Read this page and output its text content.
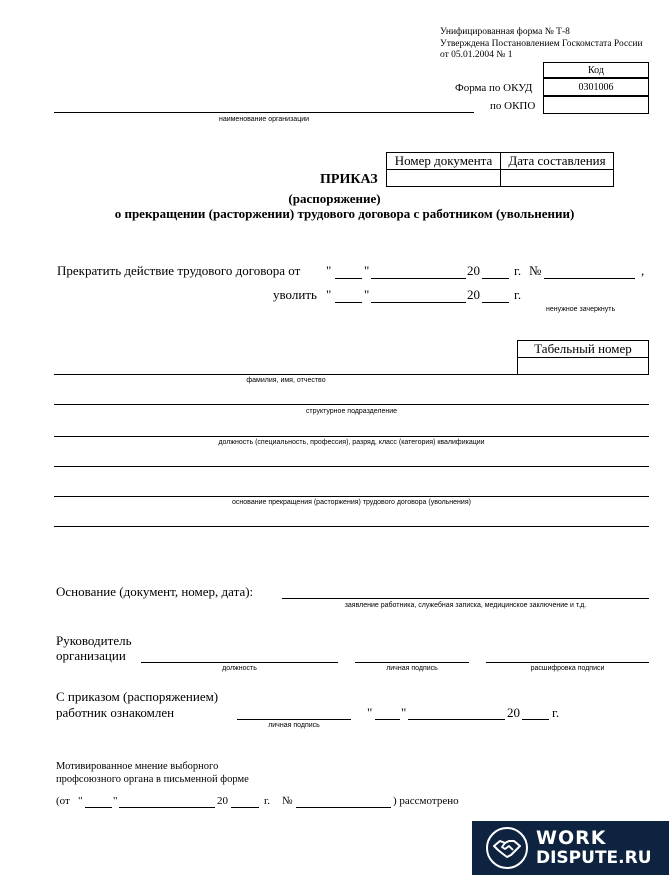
Унифицированная форма № Т-8
Утверждена Постановлением Госкомстата России
от 05.01.2004 № 1
Код
0301006
Форма по ОКУД
по ОКПО
наименование организации
Номер документа	Дата составления
ПРИКАЗ
(распоряжение)
о прекращении (расторжении) трудового договора с работником (увольнении)
Прекратить действие трудового договора от "	"	20	г. №	,
уволить "	"	20	г.
ненужное зачеркнуть
Табельный номер
фамилия, имя, отчество
структурное подразделение
должность (специальность, профессия), разряд, класс (категория) квалификации
основание прекращения (расторжения) трудового договора (увольнения)
Основание (документ, номер, дата):
заявление работника, служебная записка, медицинское заключение и т.д.
Руководитель
организации
должность	личная подпись	расшифровка подписи
С приказом (распоряжением)
работник ознакомлен
личная подпись
" "	20 г.
Мотивированное мнение выборного
профсоюзного органа в письменной форме
(от "	"	20	г. №	) рассмотрено
WORK
DISPUTE.RU
